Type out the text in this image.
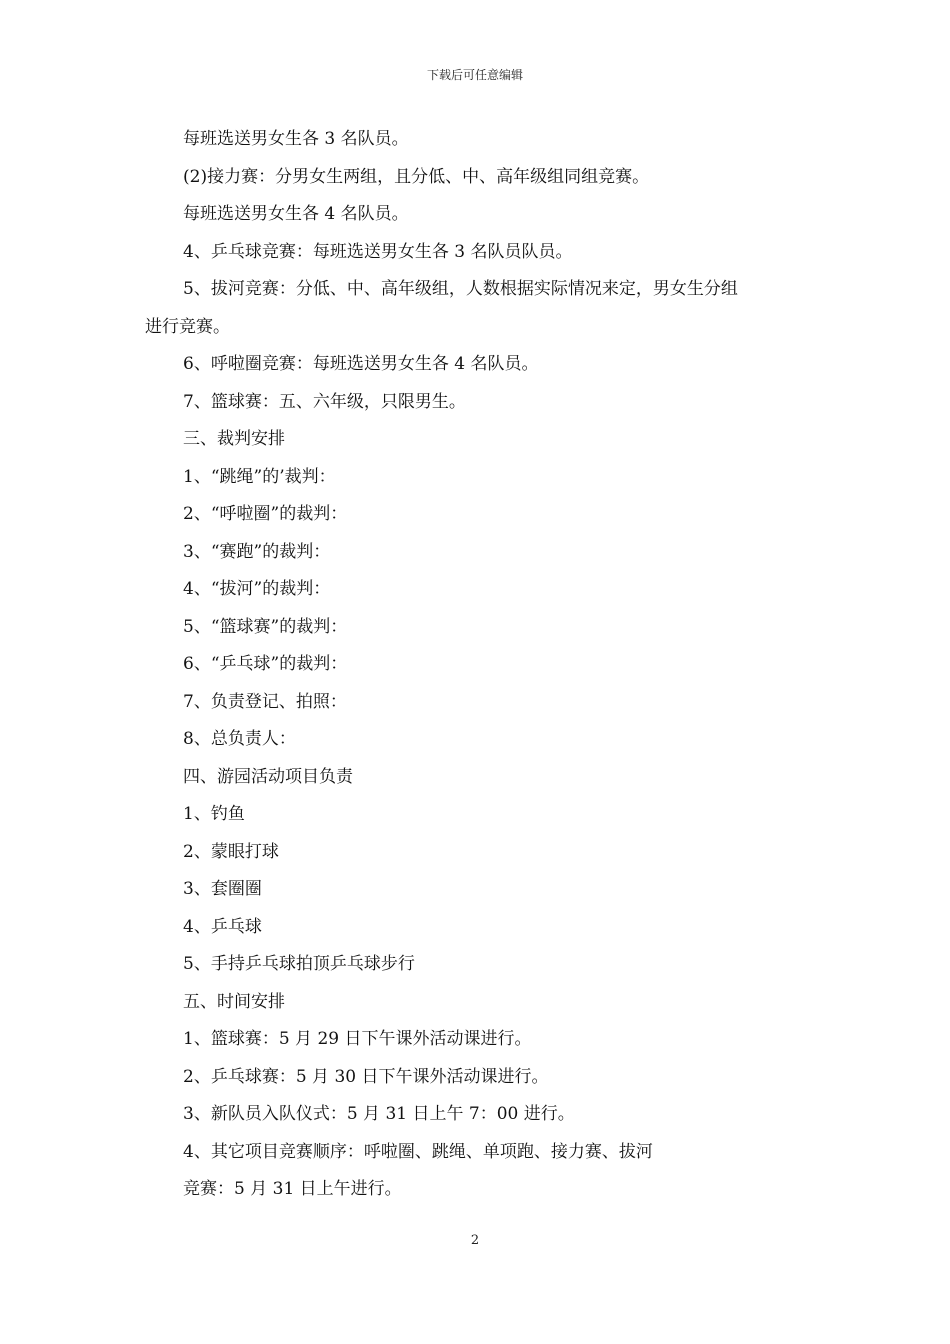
下载后可任意编辑
每班选送男女生各 3 名队员。
(2)接力赛：分男女生两组，且分低、中、高年级组同组竞赛。
每班选送男女生各 4 名队员。
4、乒乓球竞赛：每班选送男女生各 3 名队员队员。
5、拔河竞赛：分低、中、高年级组，人数根据实际情况来定，男女生分组
进行竞赛。
6、呼啦圈竞赛：每班选送男女生各 4 名队员。
7、篮球赛：五、六年级，只限男生。
三、裁判安排
1、“跳绳”的’裁判：
2、“呼啦圈”的裁判：
3、“赛跑”的裁判：
4、“拔河”的裁判：
5、“篮球赛”的裁判：
6、“乒乓球”的裁判：
7、负责登记、拍照：
8、总负责人：
四、游园活动项目负责
1、钓鱼
2、蒙眼打球
3、套圈圈
4、乒乓球
5、手持乒乓球拍顶乒乓球步行
五、时间安排
1、篮球赛：5 月 29 日下午课外活动课进行。
2、乒乓球赛：5 月 30 日下午课外活动课进行。
3、新队员入队仪式：5 月 31 日上午 7：00 进行。
4、其它项目竞赛顺序：呼啦圈、跳绳、单项跑、接力赛、拔河
竞赛：5 月 31 日上午进行。
2
